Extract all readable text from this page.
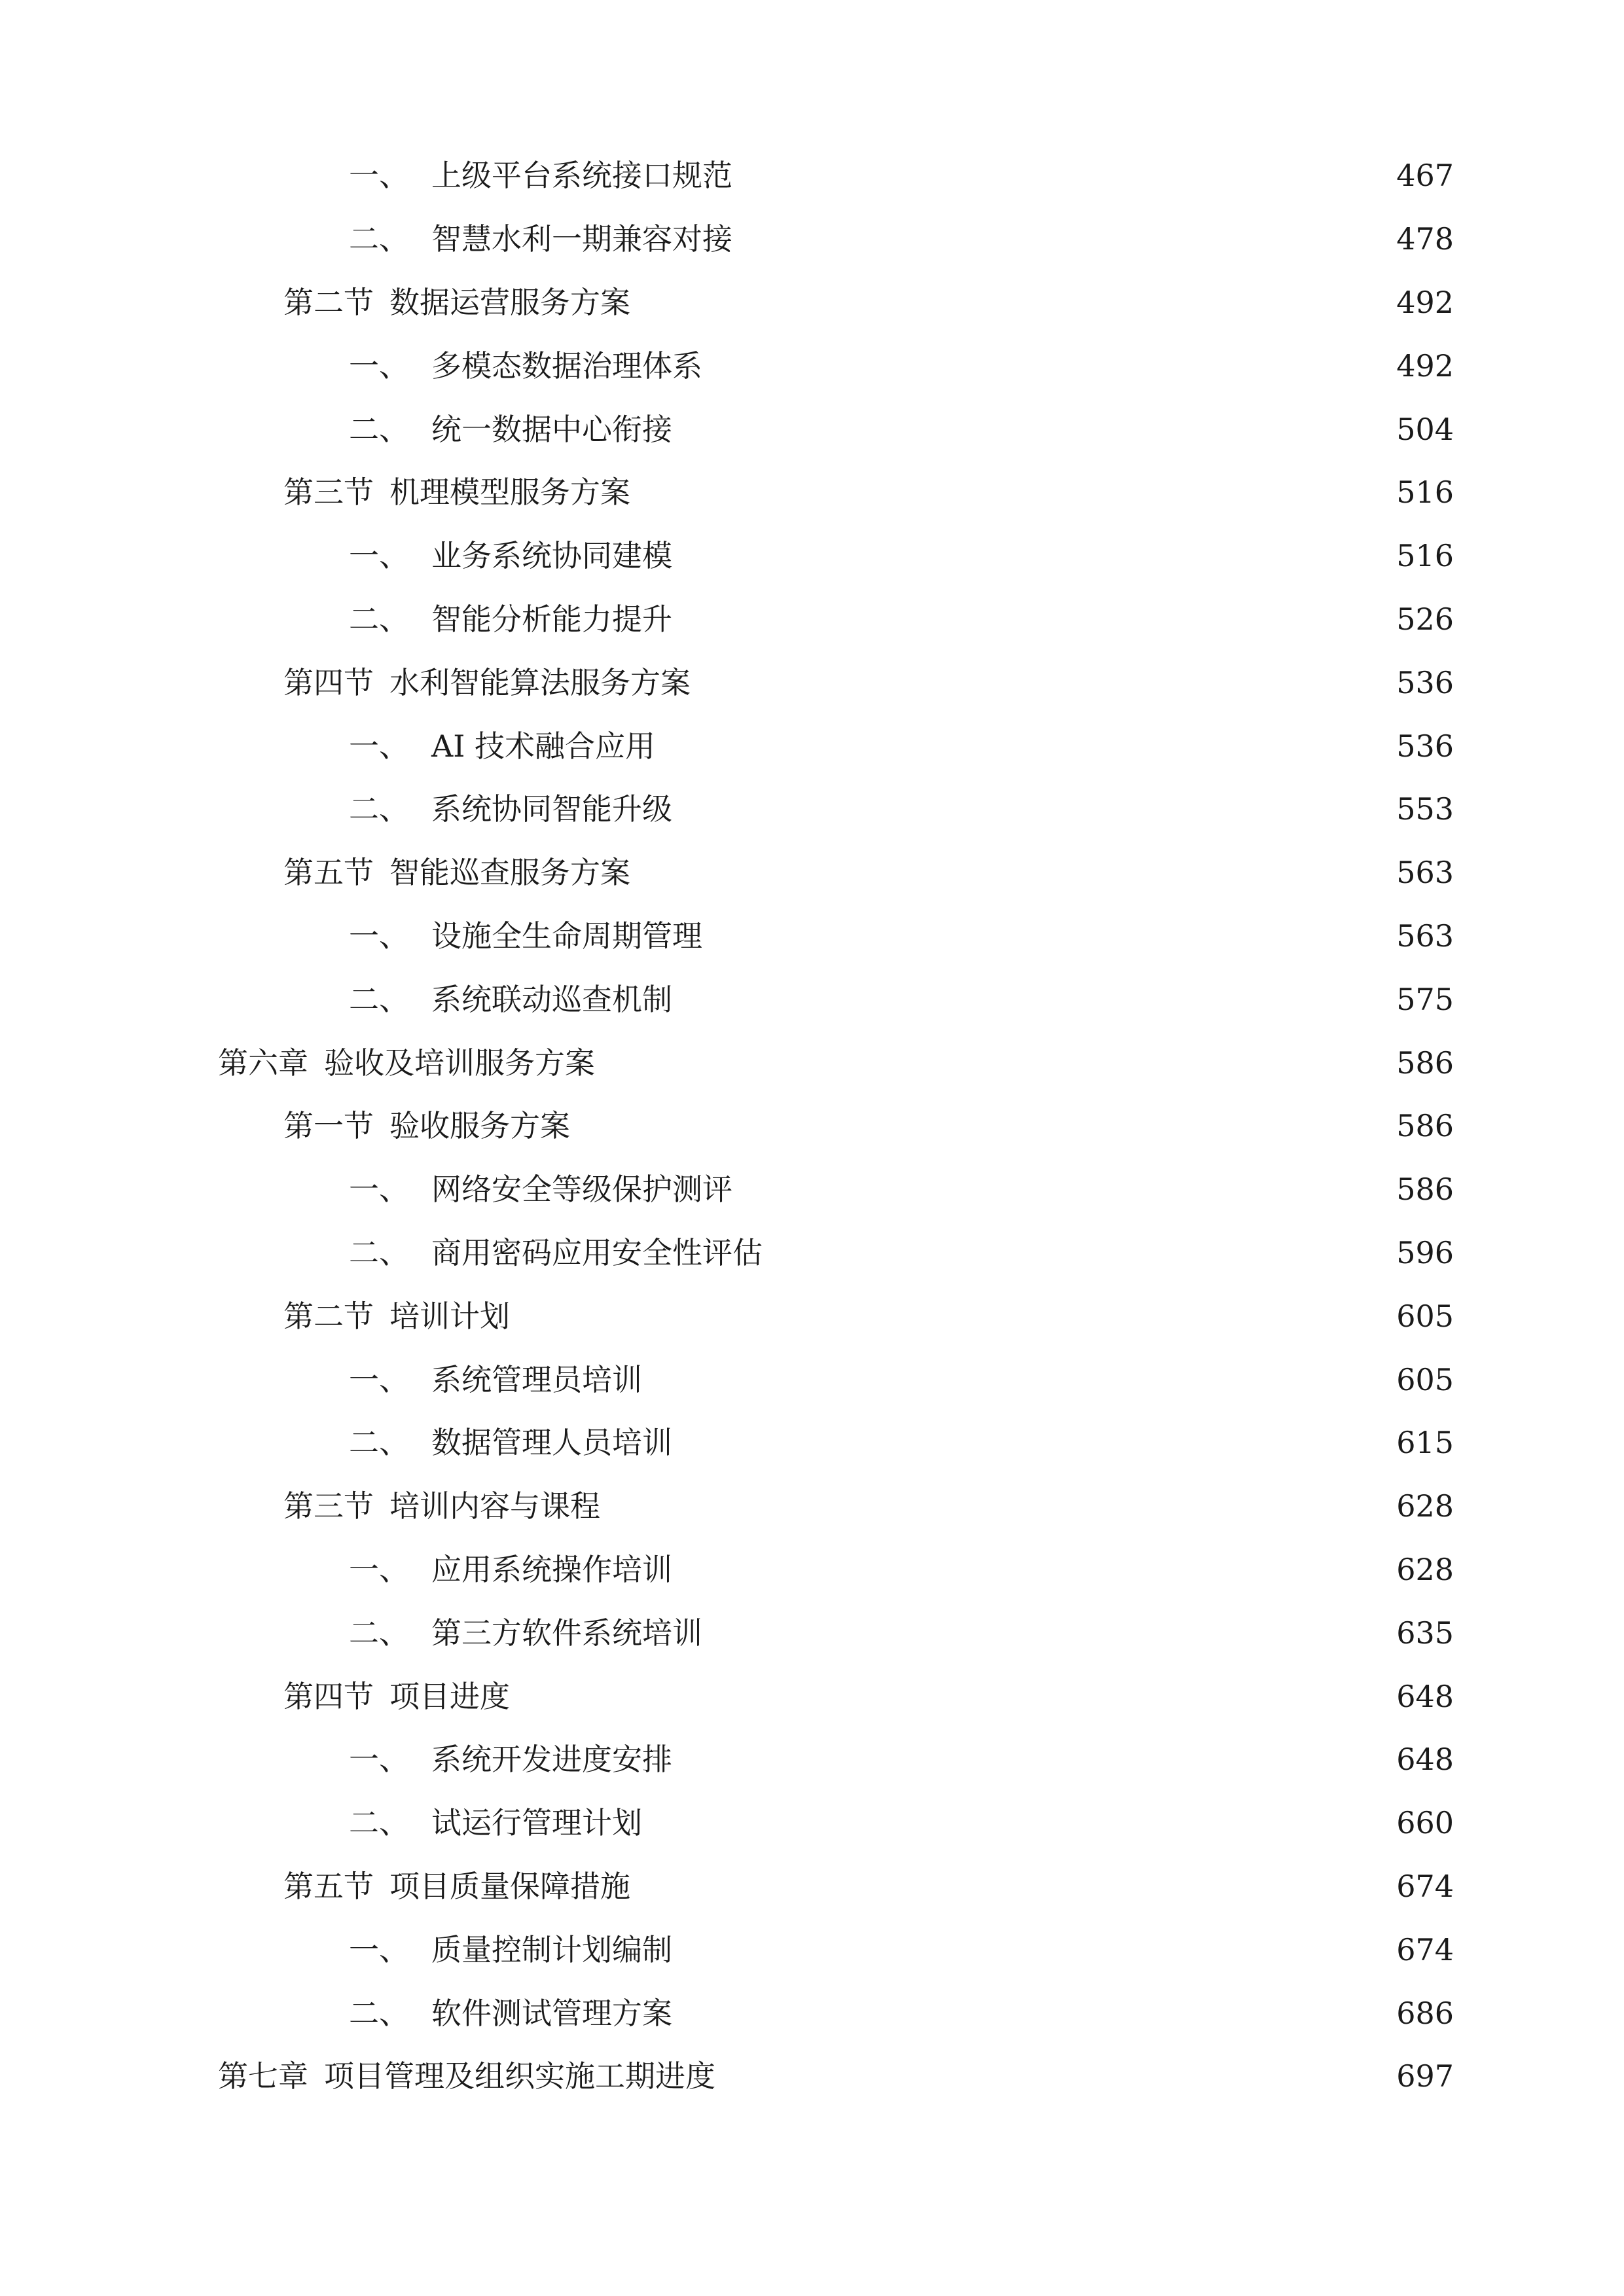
一、 上级平台系统接口规范	467
二、 智慧水利一期兼容对接	478
第二节 数据运营服务方案	492
一、 多模态数据治理体系	492
二、 统一数据中心衔接	504
第三节 机理模型服务方案	516
一、 业务系统协同建模	516
二、 智能分析能力提升	526
第四节 水利智能算法服务方案	536
一、 AI 技术融合应用	536
二、 系统协同智能升级	553
第五节 智能巡查服务方案	563
一、 设施全生命周期管理	563
二、 系统联动巡查机制	575
第六章 验收及培训服务方案	586
第一节 验收服务方案	586
一、 网络安全等级保护测评	586
二、 商用密码应用安全性评估	596
第二节 培训计划	605
一、 系统管理员培训	605
二、 数据管理人员培训	615
第三节 培训内容与课程	628
一、 应用系统操作培训	628
二、 第三方软件系统培训	635
第四节 项目进度	648
一、 系统开发进度安排	648
二、 试运行管理计划	660
第五节 项目质量保障措施	674
一、 质量控制计划编制	674
二、 软件测试管理方案	686
第七章 项目管理及组织实施工期进度	697
